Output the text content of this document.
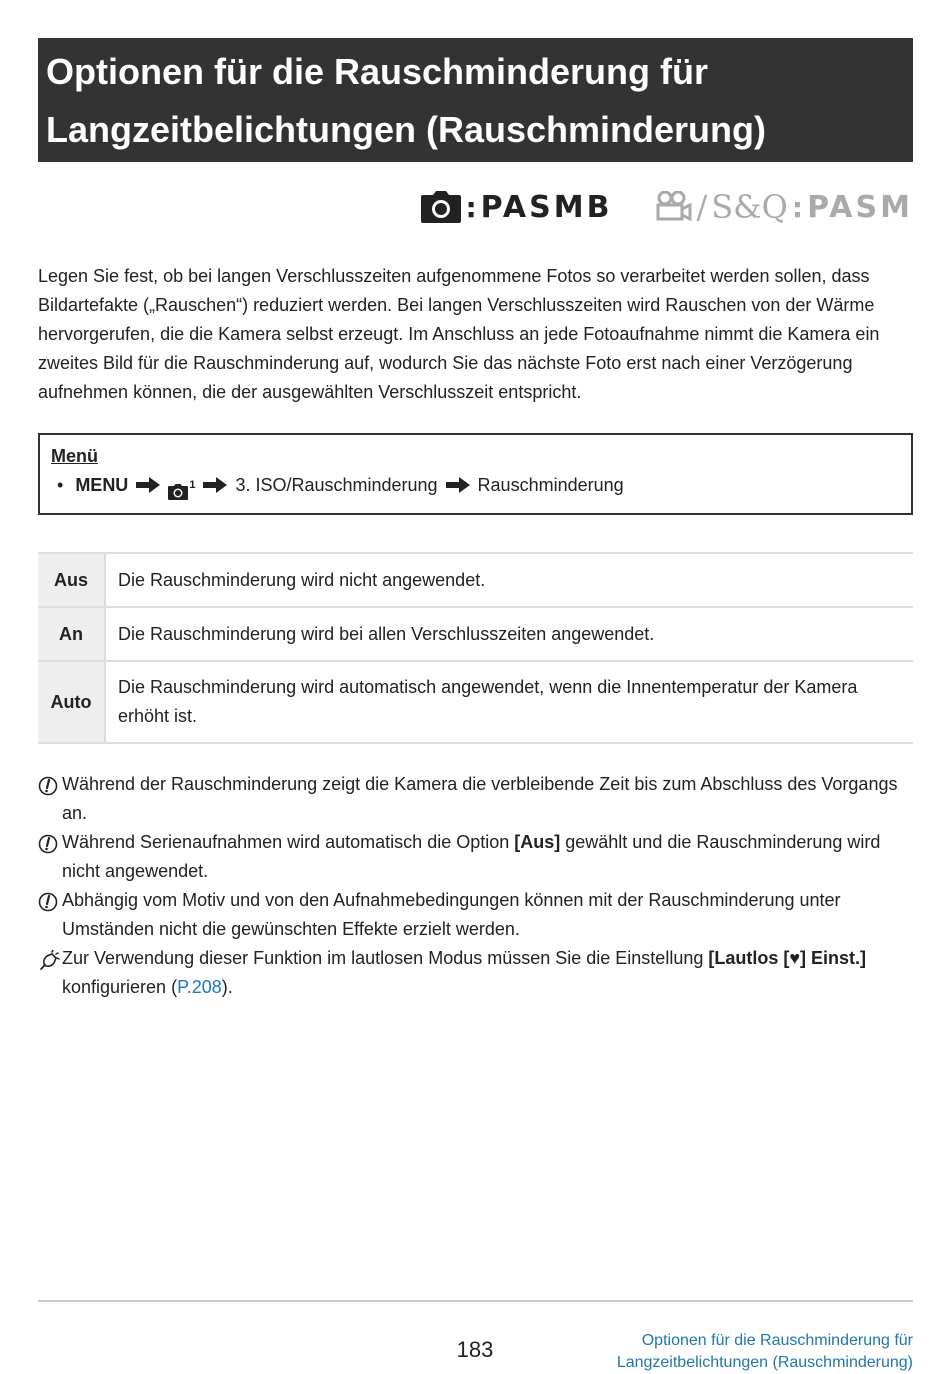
Optionen für die Rauschminderung für
Langzeitbelichtungen (Rauschminderung)
: PASMB	/ S&Q : PASM

Legen Sie fest, ob bei langen Verschlusszeiten aufgenommene Fotos so verarbeitet werden sollen, dass Bildartefakte („Rauschen“) reduziert werden. Bei langen Verschlusszeiten wird Rauschen von der Wärme hervorgerufen, die die Kamera selbst erzeugt. Im Anschluss an jede Fotoaufnahme nimmt die Kamera ein zweites Bild für die Rauschminderung auf, wodurch Sie das nächste Foto erst nach einer Verzögerung aufnehmen können, die der ausgewählten Verschlusszeit entspricht.

Menü
• MENU	$^1$ 3. ISO/Rauschminderung Rauschminderung
Aus	Die Rauschminderung wird nicht angewendet.
An	Die Rauschminderung wird bei allen Verschlusszeiten angewendet.
Auto	Die Rauschminderung wird automatisch angewendet, wenn die Innentemperatur der Kamera erhöht ist.
Während der Rauschminderung zeigt die Kamera die verbleibende Zeit bis zum Abschluss des Vorgangs an.
Während Serienaufnahmen wird automatisch die Option [Aus] gewählt und die Rauschminderung wird nicht angewendet.
Abhängig vom Motiv und von den Aufnahmebedingungen können mit der Rauschminderung unter Umständen nicht die gewünschten Effekte erzielt werden.
Zur Verwendung dieser Funktion im lautlosen Modus müssen Sie die Einstellung [Lautlos [♥] Einst.] konfigurieren (P.208).
183	Optionen für die Rauschminderung für
Langzeitbelichtungen (Rauschminderung)
